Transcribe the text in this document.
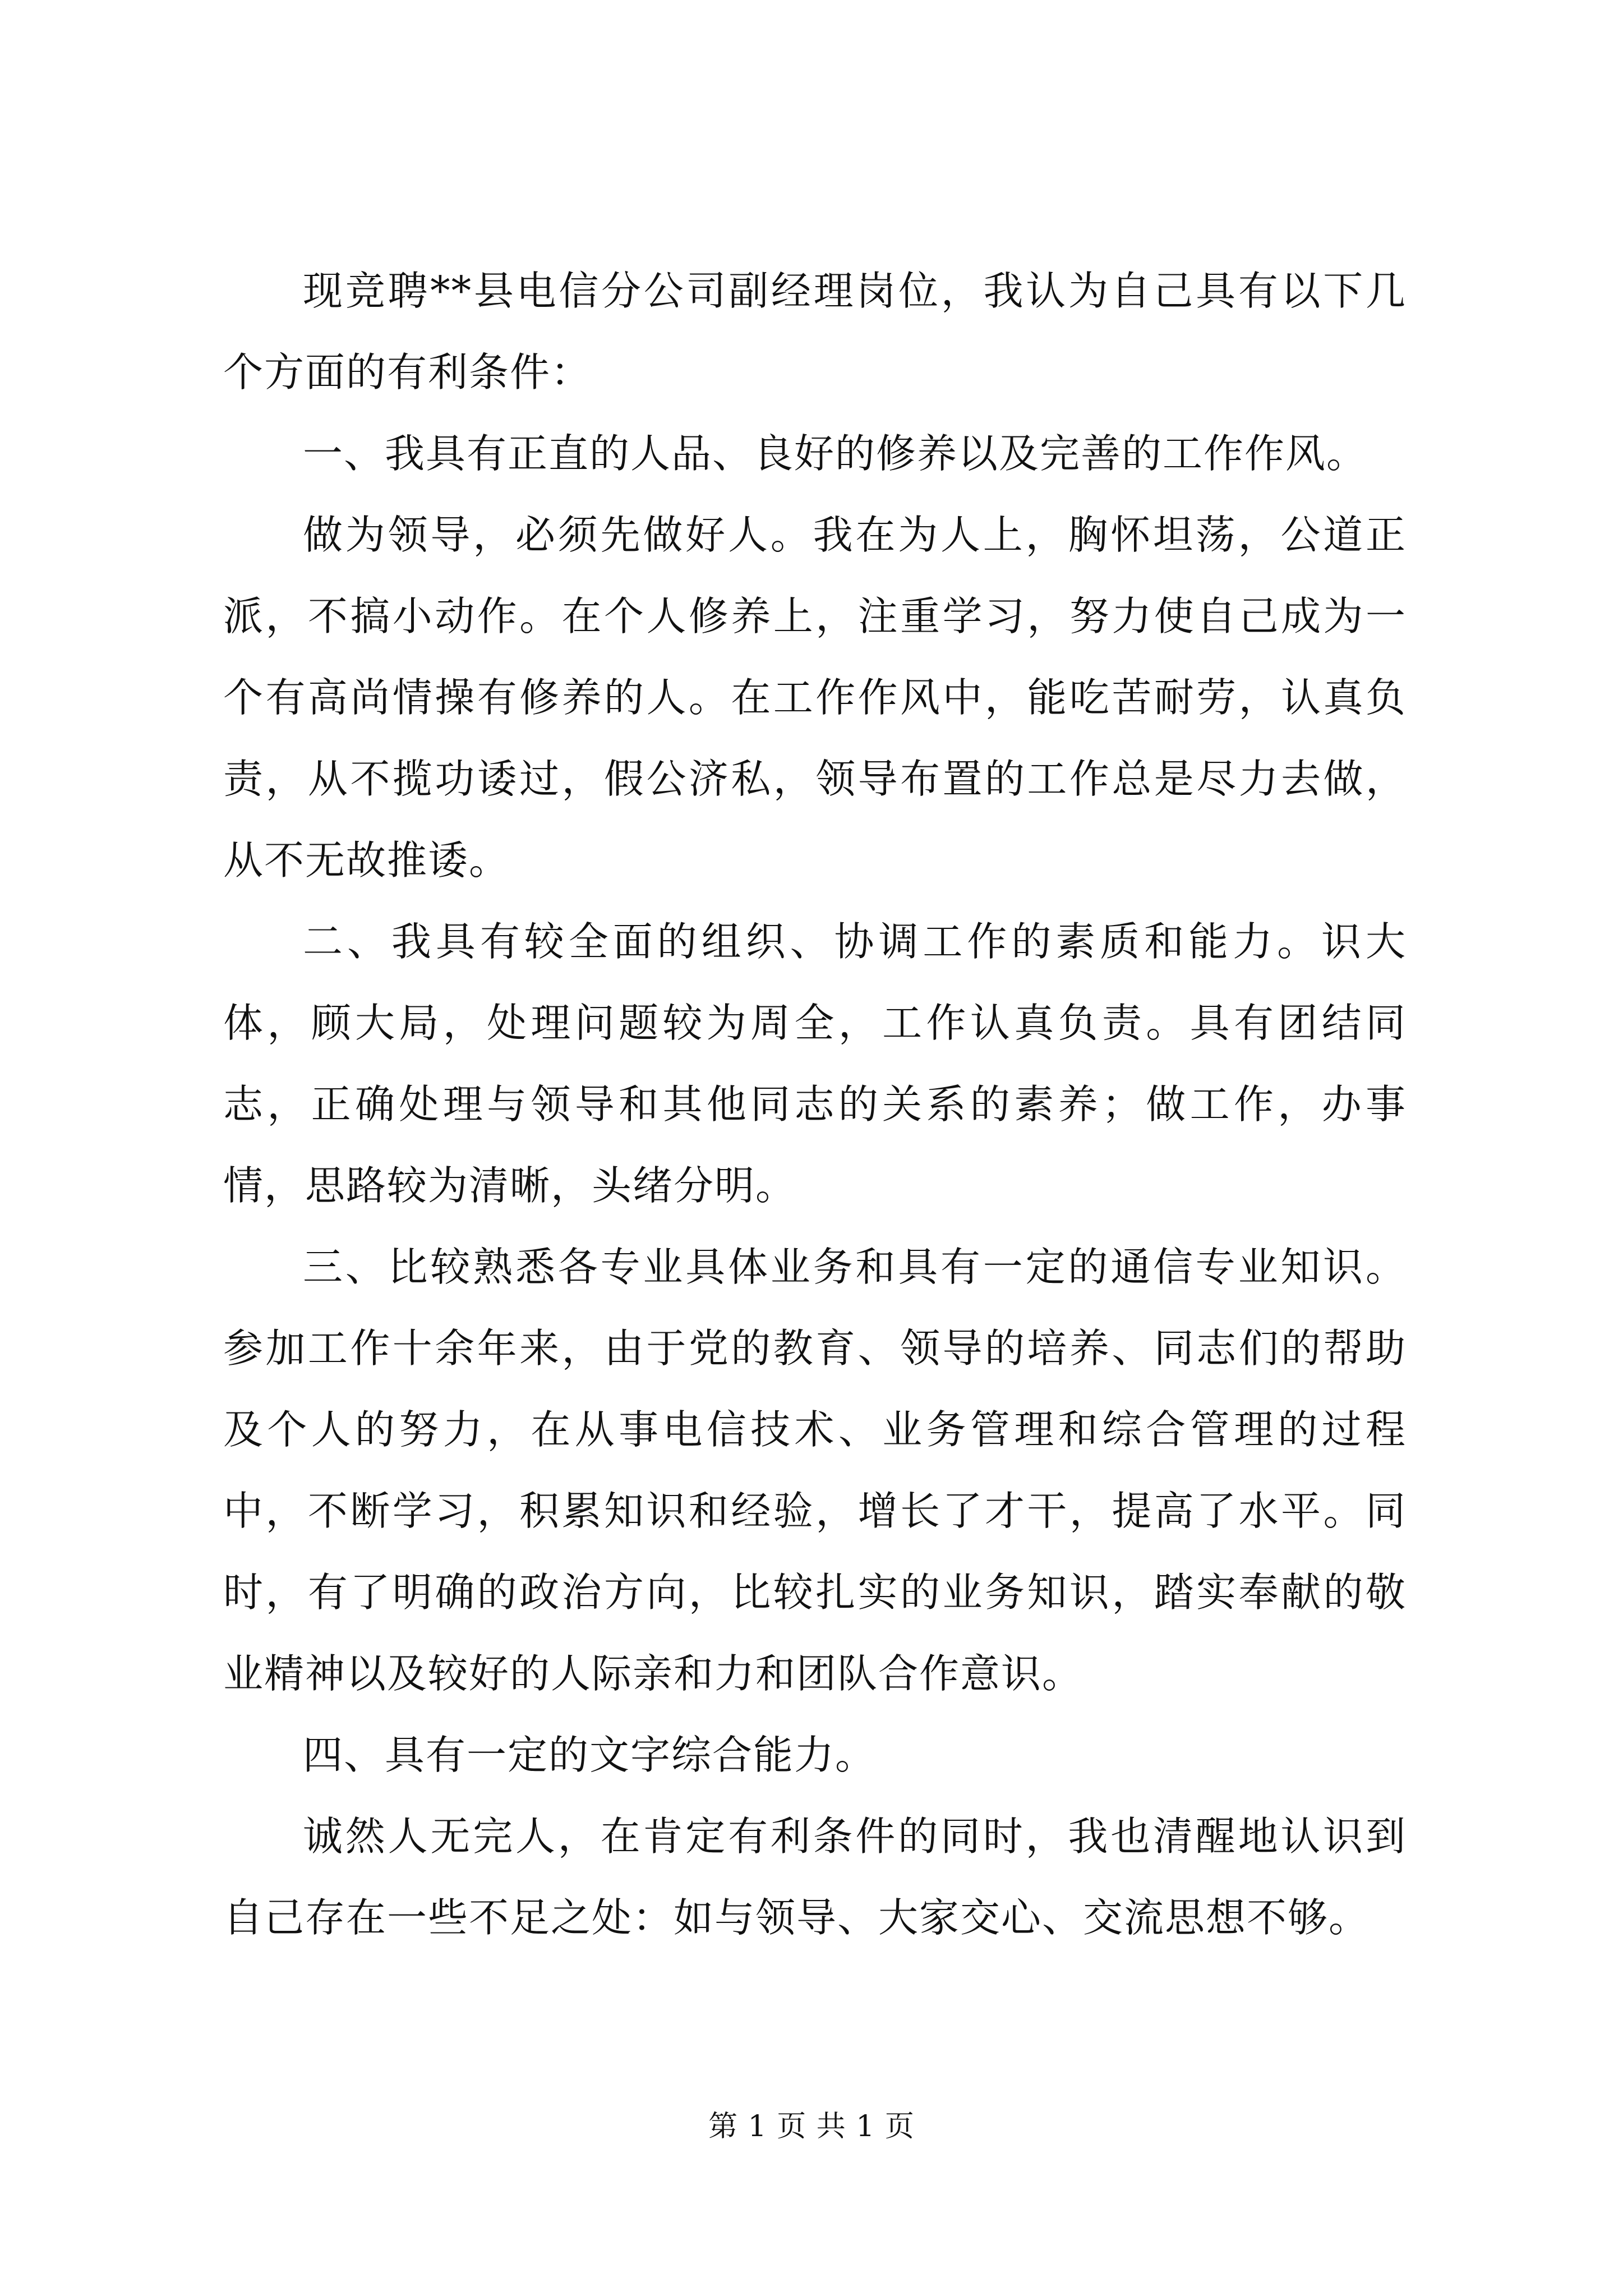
现竞聘**县电信分公司副经理岗位，我认为自己具有以下几个方面的有利条件：

一、我具有正直的人品、良好的修养以及完善的工作作风。

做为领导，必须先做好人。我在为人上，胸怀坦荡，公道正派，不搞小动作。在个人修养上，注重学习，努力使自己成为一个有高尚情操有修养的人。在工作作风中，能吃苦耐劳，认真负责，从不揽功诿过，假公济私，领导布置的工作总是尽力去做，从不无故推诿。

二、我具有较全面的组织、协调工作的素质和能力。识大体，顾大局，处理问题较为周全，工作认真负责。具有团结同志，正确处理与领导和其他同志的关系的素养；做工作，办事情，思路较为清晰，头绪分明。

三、比较熟悉各专业具体业务和具有一定的通信专业知识。参加工作十余年来，由于党的教育、领导的培养、同志们的帮助及个人的努力，在从事电信技术、业务管理和综合管理的过程中，不断学习，积累知识和经验，增长了才干，提高了水平。同时，有了明确的政治方向，比较扎实的业务知识，踏实奉献的敬业精神以及较好的人际亲和力和团队合作意识。

四、具有一定的文字综合能力。

诚然人无完人，在肯定有利条件的同时，我也清醒地认识到自己存在一些不足之处：如与领导、大家交心、交流思想不够。

第 1 页 共 1 页
